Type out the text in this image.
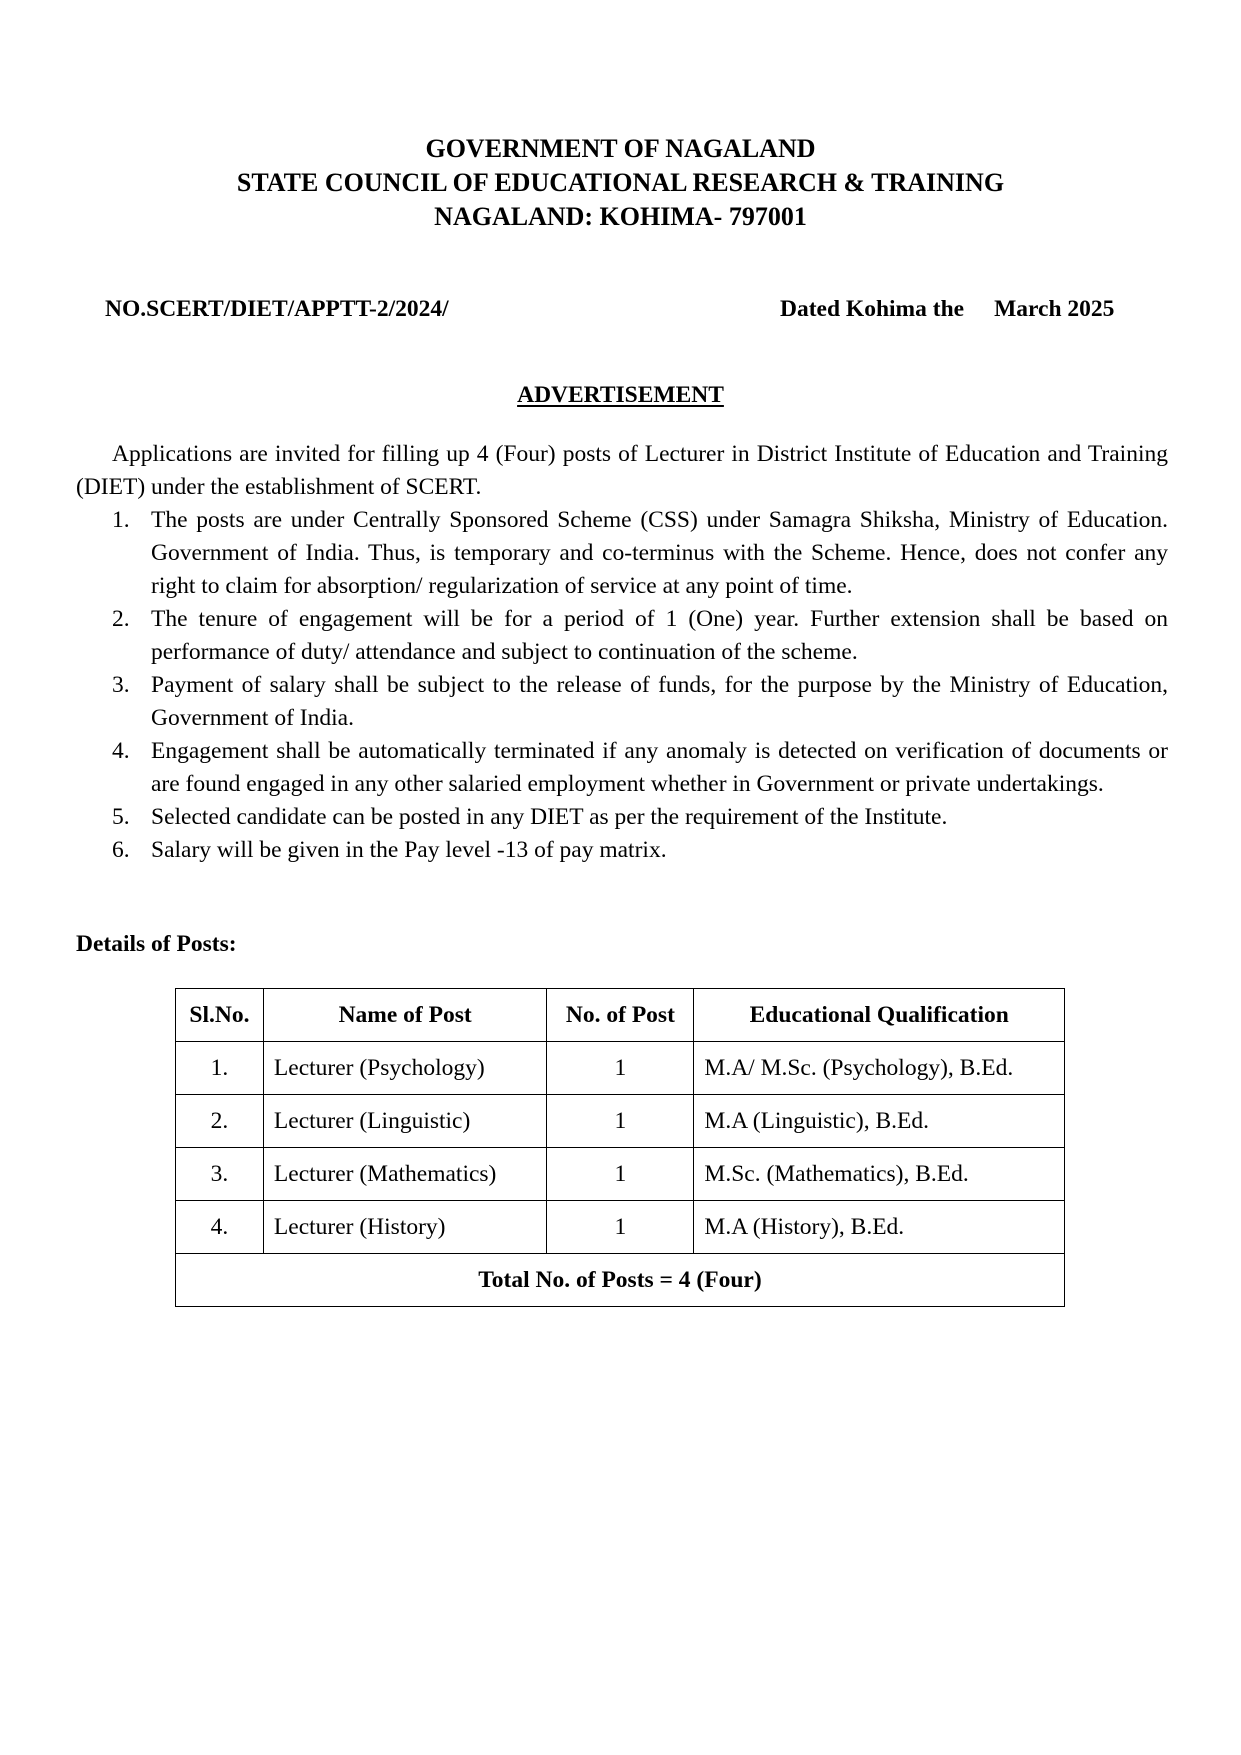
GOVERNMENT OF NAGALAND
STATE COUNCIL OF EDUCATIONAL RESEARCH & TRAINING
NAGALAND: KOHIMA- 797001
NO.SCERT/DIET/APPTT-2/2024/	Dated Kohima the March 2025
ADVERTISEMENT

Applications are invited for filling up 4 (Four) posts of Lecturer in District Institute of Education and Training (DIET) under the establishment of SCERT.

1. The posts are under Centrally Sponsored Scheme (CSS) under Samagra Shiksha, Ministry of Education. Government of India. Thus, is temporary and co-terminus with the Scheme. Hence, does not confer any right to claim for absorption/ regularization of service at any point of time.
2. The tenure of engagement will be for a period of 1 (One) year. Further extension shall be based on performance of duty/ attendance and subject to continuation of the scheme.
3. Payment of salary shall be subject to the release of funds, for the purpose by the Ministry of Education, Government of India.
4. Engagement shall be automatically terminated if any anomaly is detected on verification of documents or are found engaged in any other salaried employment whether in Government or private undertakings.
5. Selected candidate can be posted in any DIET as per the requirement of the Institute.
6. Salary will be given in the Pay level -13 of pay matrix.
Details of Posts:
Sl.No.	Name of Post	No. of Post	Educational Qualification
1.	Lecturer (Psychology)	1	M.A/ M.Sc. (Psychology), B.Ed.
2.	Lecturer (Linguistic)	1	M.A (Linguistic), B.Ed.
3.	Lecturer (Mathematics)	1	M.Sc. (Mathematics), B.Ed.
4.	Lecturer (History)	1	M.A (History), B.Ed.
Total No. of Posts = 4 (Four)			
